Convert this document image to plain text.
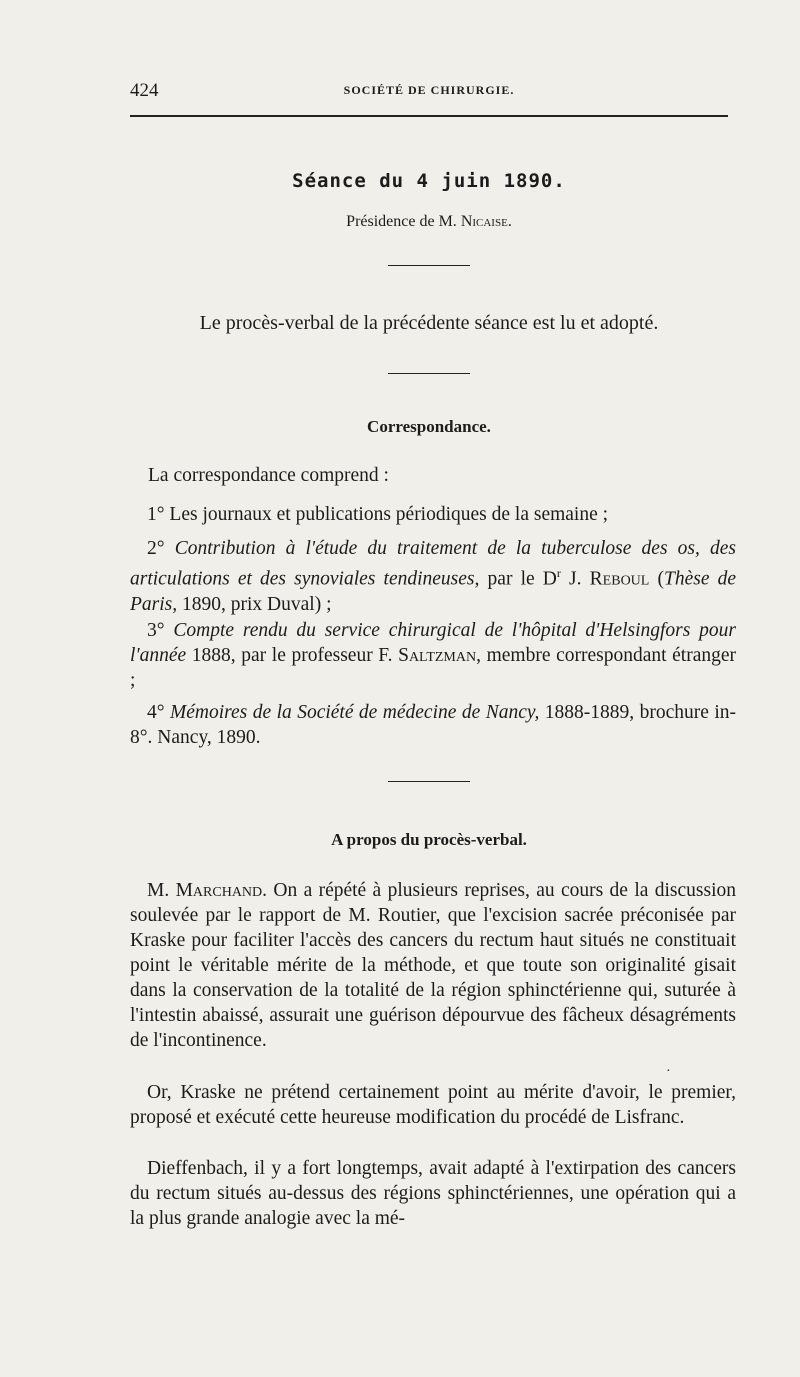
424	SOCIÉTÉ DE CHIRURGIE.
Séance du 4 juin 1890.
Présidence de M. Nicaise.
Le procès-verbal de la précédente séance est lu et adopté.
Correspondance.
La correspondance comprend :
1° Les journaux et publications périodiques de la semaine ;
2° Contribution à l'étude du traitement de la tuberculose des os, des articulations et des synoviales tendineuses, par le $D^r$ J. Reboul (Thèse de Paris, 1890, prix Duval) ;
3° Compte rendu du service chirurgical de l'hôpital d'Helsingfors pour l'année 1888, par le professeur F. Saltzman, membre correspondant étranger ;
4° Mémoires de la Société de médecine de Nancy, 1888-1889, brochure in-8°. Nancy, 1890.
A propos du procès-verbal.
M. Marchand. On a répété à plusieurs reprises, au cours de la discussion soulevée par le rapport de M. Routier, que l'excision sacrée préconisée par Kraske pour faciliter l'accès des cancers du rectum haut situés ne constituait point le véritable mérite de la méthode, et que toute son originalité gisait dans la conservation de la totalité de la région sphinctérienne qui, suturée à l'intestin abaissé, assurait une guérison dépourvue des fâcheux désagréments de l'incontinence.
·
Or, Kraske ne prétend certainement point au mérite d'avoir, le premier, proposé et exécuté cette heureuse modification du procédé de Lisfranc.
Dieffenbach, il y a fort longtemps, avait adapté à l'extirpation des cancers du rectum situés au-dessus des régions sphinctériennes, une opération qui a la plus grande analogie avec la mé-
